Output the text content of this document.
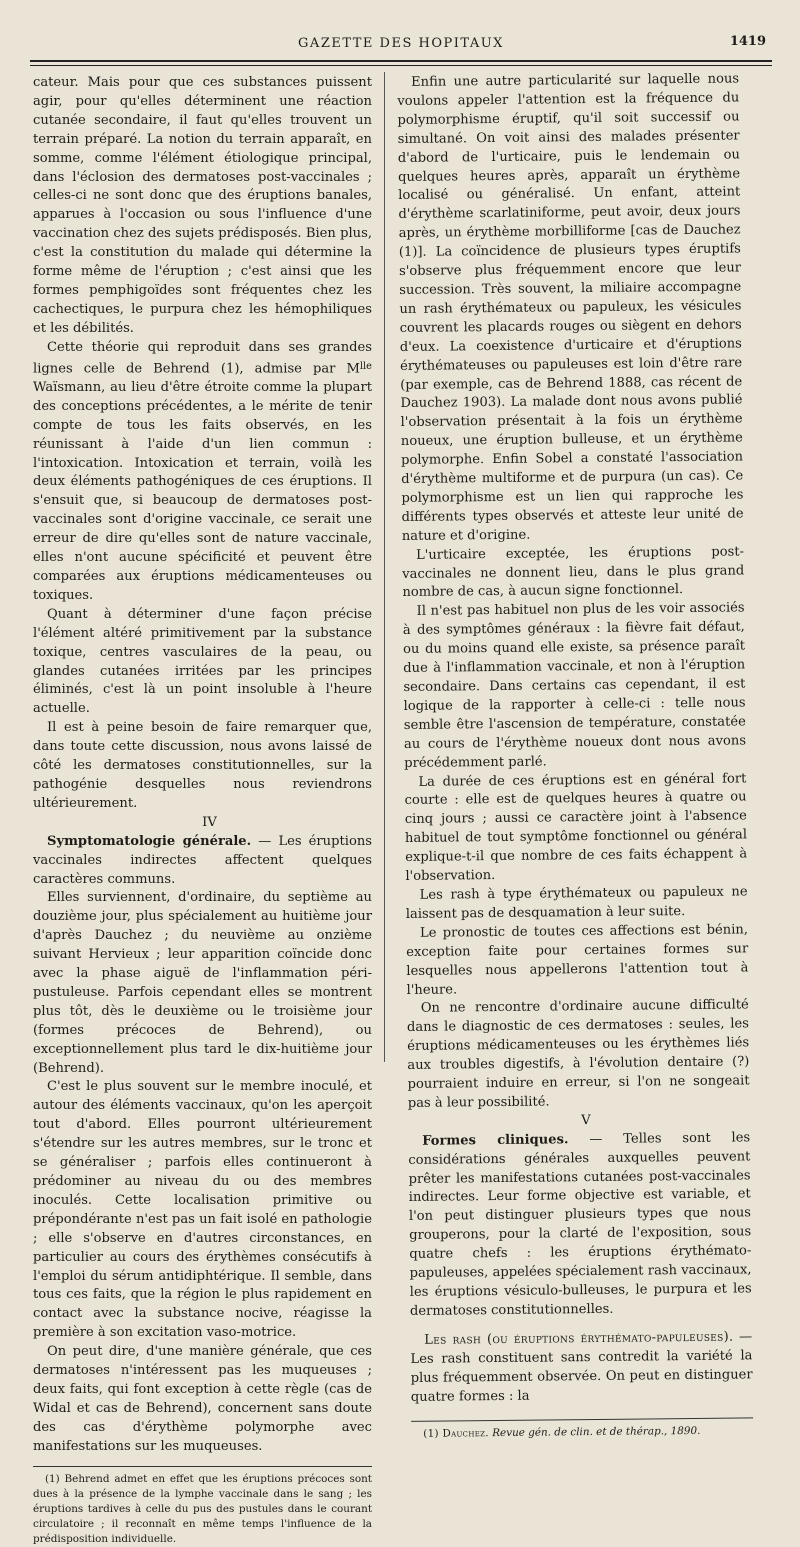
GAZETTE DES HOPITAUX	1419

cateur. Mais pour que ces substances puissent agir, pour qu'elles déterminent une réaction cutanée secondaire, il faut qu'elles trouvent un terrain préparé. La notion du terrain apparaît, en somme, comme l'élément étiologique principal, dans l'éclosion des dermatoses post-vaccinales ; celles-ci ne sont donc que des éruptions banales, apparues à l'occasion ou sous l'influence d'une vaccination chez des sujets prédisposés. Bien plus, c'est la constitution du malade qui détermine la forme même de l'éruption ; c'est ainsi que les formes pemphigoïdes sont fréquentes chez les cachectiques, le purpura chez les hémophiliques et les débilités.

Cette théorie qui reproduit dans ses grandes lignes celle de Behrend (1), admise par $M^{lle}$ Waïsmann, au lieu d'être étroite comme la plupart des conceptions précédentes, a le mérite de tenir compte de tous les faits observés, en les réunissant à l'aide d'un lien commun : l'intoxication. Intoxication et terrain, voilà les deux éléments pathogéniques de ces éruptions. Il s'ensuit que, si beaucoup de dermatoses post-vaccinales sont d'origine vaccinale, ce serait une erreur de dire qu'elles sont de nature vaccinale, elles n'ont aucune spécificité et peuvent être comparées aux éruptions médicamenteuses ou toxiques.

Quant à déterminer d'une façon précise l'élément altéré primitivement par la substance toxique, centres vasculaires de la peau, ou glandes cutanées irritées par les principes éliminés, c'est là un point insoluble à l'heure actuelle.

Il est à peine besoin de faire remarquer que, dans toute cette discussion, nous avons laissé de côté les dermatoses constitutionnelles, sur la pathogénie desquelles nous reviendrons ultérieurement.

IV

Symptomatologie générale. — Les éruptions vaccinales indirectes affectent quelques caractères communs.

Elles surviennent, d'ordinaire, du septième au douzième jour, plus spécialement au huitième jour d'après Dauchez ; du neuvième au onzième suivant Hervieux ; leur apparition coïncide donc avec la phase aiguë de l'inflammation péri-pustuleuse. Parfois cependant elles se montrent plus tôt, dès le deuxième ou le troisième jour (formes précoces de Behrend), ou exceptionnellement plus tard le dix-huitième jour (Behrend).

C'est le plus souvent sur le membre inoculé, et autour des éléments vaccinaux, qu'on les aperçoit tout d'abord. Elles pourront ultérieurement s'étendre sur les autres membres, sur le tronc et se généraliser ; parfois elles continueront à prédominer au niveau du ou des membres inoculés. Cette localisation primitive ou prépondérante n'est pas un fait isolé en pathologie ; elle s'observe en d'autres circonstances, en particulier au cours des érythèmes consécutifs à l'emploi du sérum antidiphtérique. Il semble, dans tous ces faits, que la région le plus rapidement en contact avec la substance nocive, réagisse la première à son excitation vaso-motrice.

On peut dire, d'une manière générale, que ces dermatoses n'intéressent pas les muqueuses ; deux faits, qui font exception à cette règle (cas de Widal et cas de Behrend), concernent sans doute des cas d'érythème polymorphe avec manifestations sur les muqueuses.

(1) Behrend admet en effet que les éruptions précoces sont dues à la présence de la lymphe vaccinale dans le sang ; les éruptions tardives à celle du pus des pustules dans le courant circulatoire ; il reconnaît en même temps l'influence de la prédisposition individuelle.

Enfin une autre particularité sur laquelle nous voulons appeler l'attention est la fréquence du polymorphisme éruptif, qu'il soit successif ou simultané. On voit ainsi des malades présenter d'abord de l'urticaire, puis le lendemain ou quelques heures après, apparaît un érythème localisé ou généralisé. Un enfant, atteint d'érythème scarlatiniforme, peut avoir, deux jours après, un érythème morbilliforme [cas de Dauchez (1)]. La coïncidence de plusieurs types éruptifs s'observe plus fréquemment encore que leur succession. Très souvent, la miliaire accompagne un rash érythémateux ou papuleux, les vésicules couvrent les placards rouges ou siègent en dehors d'eux. La coexistence d'urticaire et d'éruptions érythémateuses ou papuleuses est loin d'être rare (par exemple, cas de Behrend 1888, cas récent de Dauchez 1903). La malade dont nous avons publié l'observation présentait à la fois un érythème noueux, une éruption bulleuse, et un érythème polymorphe. Enfin Sobel a constaté l'association d'érythème multiforme et de purpura (un cas). Ce polymorphisme est un lien qui rapproche les différents types observés et atteste leur unité de nature et d'origine.

L'urticaire exceptée, les éruptions post-vaccinales ne donnent lieu, dans le plus grand nombre de cas, à aucun signe fonctionnel.

Il n'est pas habituel non plus de les voir associés à des symptômes généraux : la fièvre fait défaut, ou du moins quand elle existe, sa présence paraît due à l'inflammation vaccinale, et non à l'éruption secondaire. Dans certains cas cependant, il est logique de la rapporter à celle-ci : telle nous semble être l'ascension de température, constatée au cours de l'érythème noueux dont nous avons précédemment parlé.

La durée de ces éruptions est en général fort courte : elle est de quelques heures à quatre ou cinq jours ; aussi ce caractère joint à l'absence habituel de tout symptôme fonctionnel ou général explique-t-il que nombre de ces faits échappent à l'observation.

Les rash à type érythémateux ou papuleux ne laissent pas de desquamation à leur suite.

Le pronostic de toutes ces affections est bénin, exception faite pour certaines formes sur lesquelles nous appellerons l'attention tout à l'heure.

On ne rencontre d'ordinaire aucune difficulté dans le diagnostic de ces dermatoses : seules, les éruptions médicamenteuses ou les érythèmes liés aux troubles digestifs, à l'évolution dentaire (?) pourraient induire en erreur, si l'on ne songeait pas à leur possibilité.

V

Formes cliniques. — Telles sont les considérations générales auxquelles peuvent prêter les manifestations cutanées post-vaccinales indirectes. Leur forme objective est variable, et l'on peut distinguer plusieurs types que nous grouperons, pour la clarté de l'exposition, sous quatre chefs : les éruptions érythémato-papuleuses, appelées spécialement rash vaccinaux, les éruptions vésiculo-bulleuses, le purpura et les dermatoses constitutionnelles.

Les rash (ou éruptions érythémato-papuleuses). — Les rash constituent sans contredit la variété la plus fréquemment observée. On peut en distinguer quatre formes : la

(1) Dauchez. Revue gén. de clin. et de thérap., 1890.
